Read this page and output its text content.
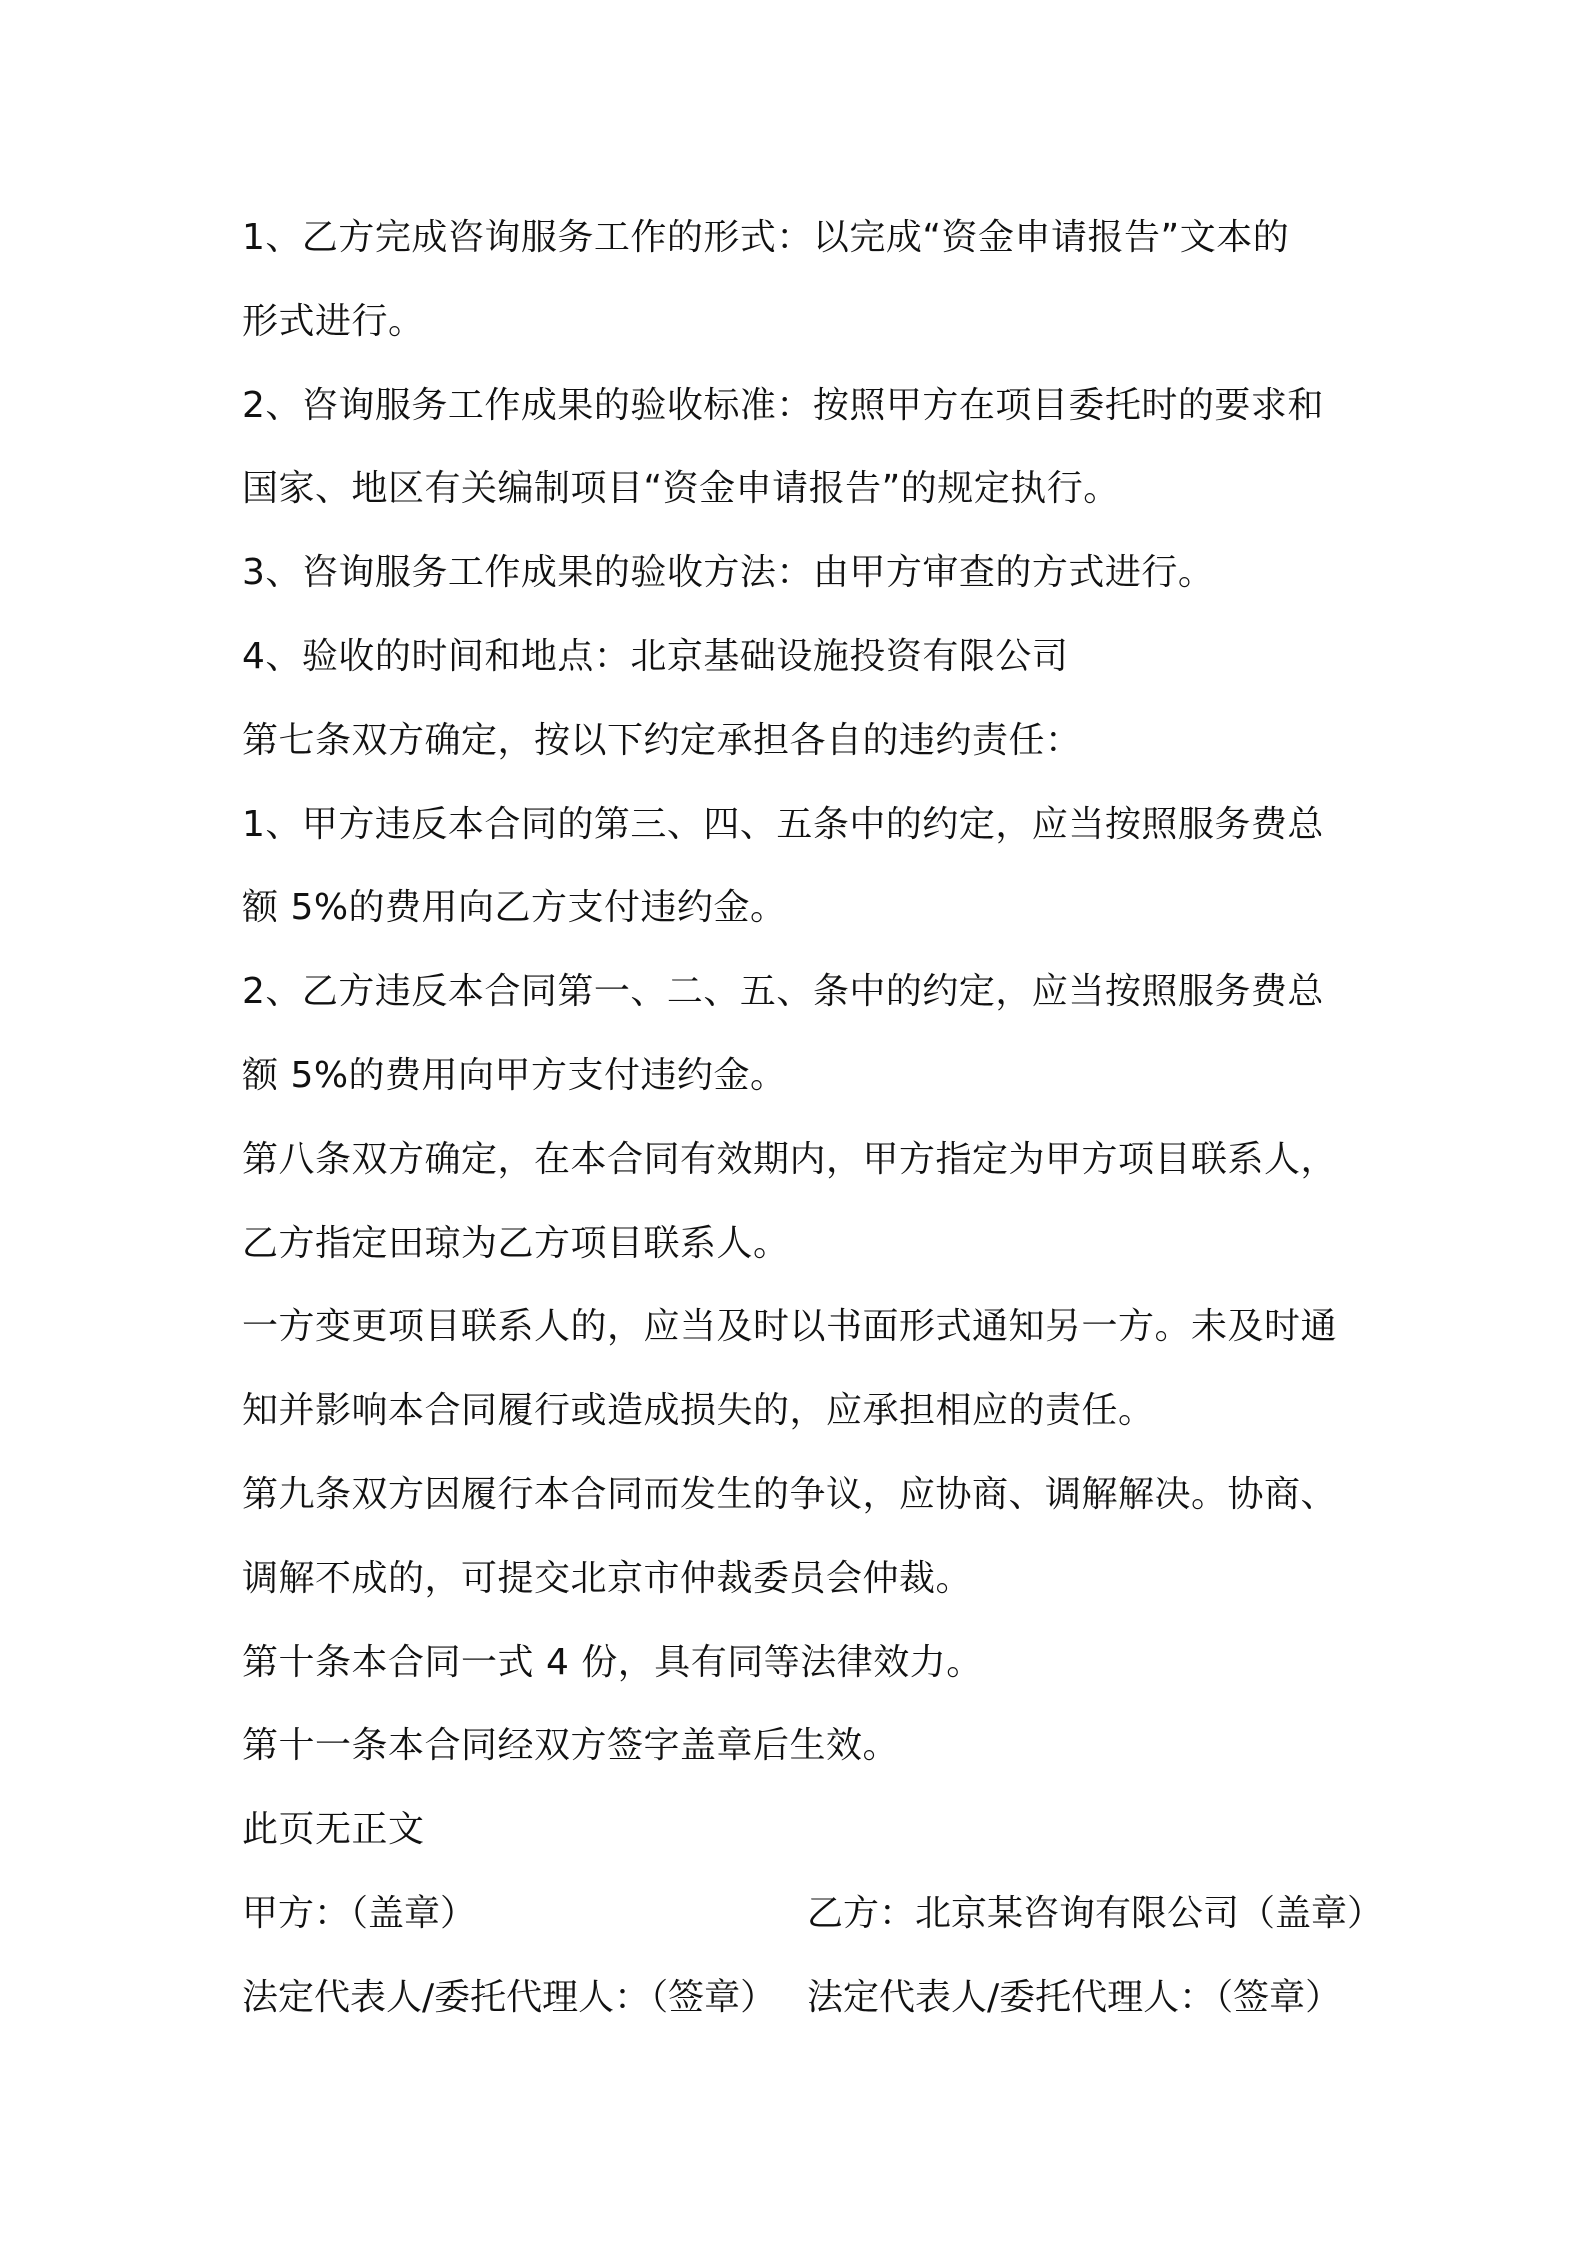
1、乙方完成咨询服务工作的形式：以完成“资金申请报告”文本的
形式进行。
2、咨询服务工作成果的验收标准：按照甲方在项目委托时的要求和
国家、地区有关编制项目“资金申请报告”的规定执行。
3、咨询服务工作成果的验收方法：由甲方审查的方式进行。
4、验收的时间和地点：北京基础设施投资有限公司
第七条双方确定，按以下约定承担各自的违约责任：
1、甲方违反本合同的第三、四、五条中的约定，应当按照服务费总
额 5%的费用向乙方支付违约金。
2、乙方违反本合同第一、二、五、条中的约定，应当按照服务费总
额 5%的费用向甲方支付违约金。
第八条双方确定，在本合同有效期内，甲方指定为甲方项目联系人，
乙方指定田琼为乙方项目联系人。
一方变更项目联系人的，应当及时以书面形式通知另一方。未及时通
知并影响本合同履行或造成损失的，应承担相应的责任。
第九条双方因履行本合同而发生的争议，应协商、调解解决。协商、
调解不成的，可提交北京市仲裁委员会仲裁。
第十条本合同一式 4 份，具有同等法律效力。
第十一条本合同经双方签字盖章后生效。
此页无正文
甲方：（盖章）	乙方：北京某咨询有限公司（盖章）
法定代表人/委托代理人：（签章） 法定代表人/委托代理人：（签章）
